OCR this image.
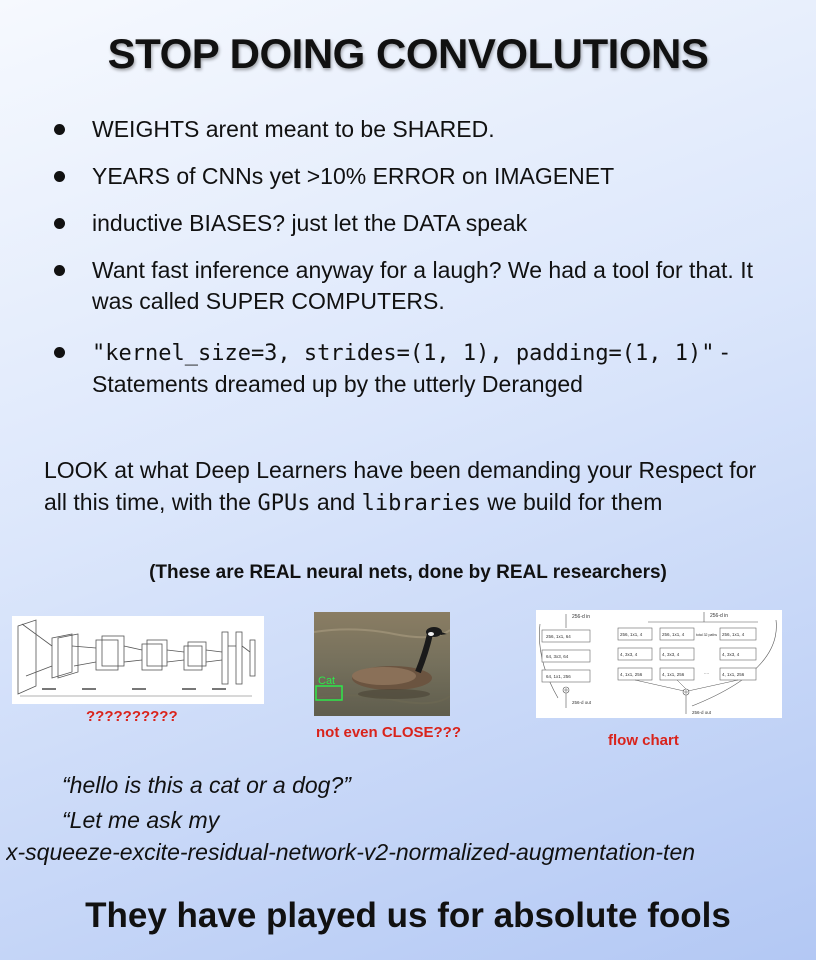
STOP DOING CONVOLUTIONS
WEIGHTS arent meant to be SHARED.
YEARS of CNNs yet >10% ERROR on IMAGENET
inductive BIASES? just let the DATA speak
Want fast inference anyway for a laugh? We had a tool for that. It was called SUPER COMPUTERS.
"kernel_size=3, strides=(1, 1), padding=(1, 1)" - Statements dreamed up by the utterly Deranged
LOOK at what Deep Learners have been demanding your Respect for all this time, with the GPUs and libraries we build for them
(These are REAL neural nets, done by REAL researchers)
??????????
Cat
not even CLOSE???
256-d in	256-d in
256, 1x1, 64
64, 3x3, 64
64, 1x1, 256
256, 1x1, 4
4, 3x3, 4
4, 1x1, 256
256, 1x1, 4
4, 3x3, 4
4, 1x1, 256
256, 1x1, 4
4, 3x3, 4
4, 1x1, 256
total 32 paths
....
256-d out
256-d out
flow chart
“hello is this a cat or a dog?”
“Let me ask my
x-squeeze-excite-residual-network-v2-normalized-augmentation-ten
They have played us for absolute fools
